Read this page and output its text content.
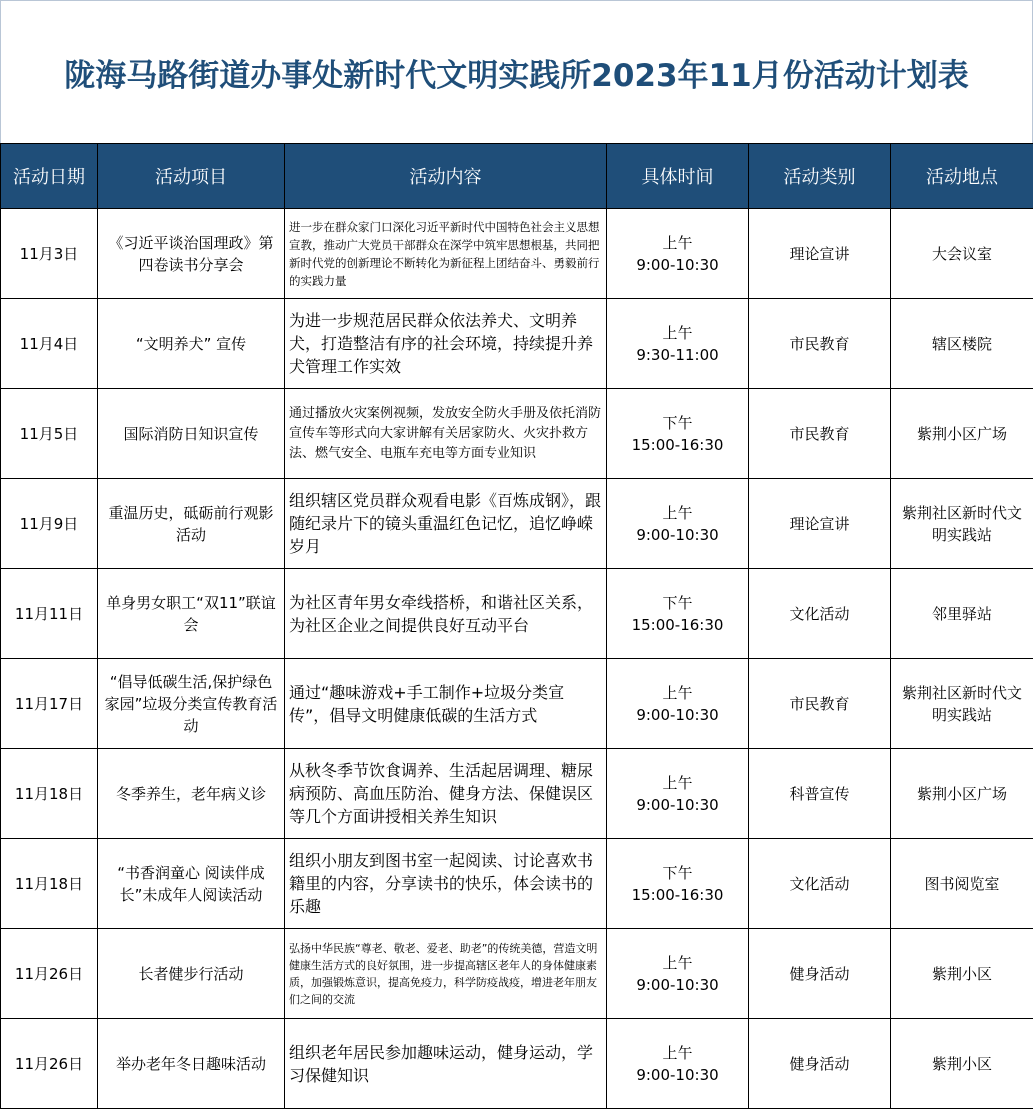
陇海马路街道办事处新时代文明实践所2023年11月份活动计划表
活动日期	活动项目	活动内容	具体时间	活动类别	活动地点
11月3日	《习近平谈治国理政》第四卷读书分享会	进一步在群众家门口深化习近平新时代中国特色社会主义思想宣教，推动广大党员干部群众在深学中筑牢思想根基，共同把新时代党的创新理论不断转化为新征程上团结奋斗、勇毅前行的实践力量	上午
9:00-10:30	理论宣讲	大会议室
11月4日	“文明养犬” 宣传	为进一步规范居民群众依法养犬、文明养犬，打造整洁有序的社会环境，持续提升养犬管理工作实效	上午
9:30-11:00	市民教育	辖区楼院
11月5日	国际消防日知识宣传	通过播放火灾案例视频，发放安全防火手册及依托消防宣传车等形式向大家讲解有关居家防火、火灾扑救方法、燃气安全、电瓶车充电等方面专业知识	下午
15:00-16:30	市民教育	紫荆小区广场
11月9日	重温历史，砥砺前行观影活动	组织辖区党员群众观看电影《百炼成钢》，跟随纪录片下的镜头重温红色记忆，追忆峥嵘岁月	上午
9:00-10:30	理论宣讲	紫荆社区新时代文明实践站
11月11日	单身男女职工“双11”联谊会	为社区青年男女牵线搭桥，和谐社区关系，为社区企业之间提供良好互动平台	下午
15:00-16:30	文化活动	邻里驿站
11月17日	“倡导低碳生活,保护绿色家园”垃圾分类宣传教育活动	通过“趣味游戏+手工制作+垃圾分类宣传”，倡导文明健康低碳的生活方式	上午
9:00-10:30	市民教育	紫荆社区新时代文明实践站
11月18日	冬季养生，老年病义诊	从秋冬季节饮食调养、生活起居调理、糖尿病预防、高血压防治、健身方法、保健误区等几个方面讲授相关养生知识	上午
9:00-10:30	科普宣传	紫荆小区广场
11月18日	“书香润童心 阅读伴成长”未成年人阅读活动	组织小朋友到图书室一起阅读、讨论喜欢书籍里的内容，分享读书的快乐，体会读书的乐趣	下午
15:00-16:30	文化活动	图书阅览室
11月26日	长者健步行活动	弘扬中华民族“尊老、敬老、爱老、助老”的传统美德，营造文明健康生活方式的良好氛围，进一步提高辖区老年人的身体健康素质，加强锻炼意识，提高免疫力，科学防疫战疫，增进老年朋友们之间的交流	上午
9:00-10:30	健身活动	紫荆小区
11月26日	举办老年冬日趣味活动	组织老年居民参加趣味运动，健身运动，学习保健知识	上午
9:00-10:30	健身活动	紫荆小区
